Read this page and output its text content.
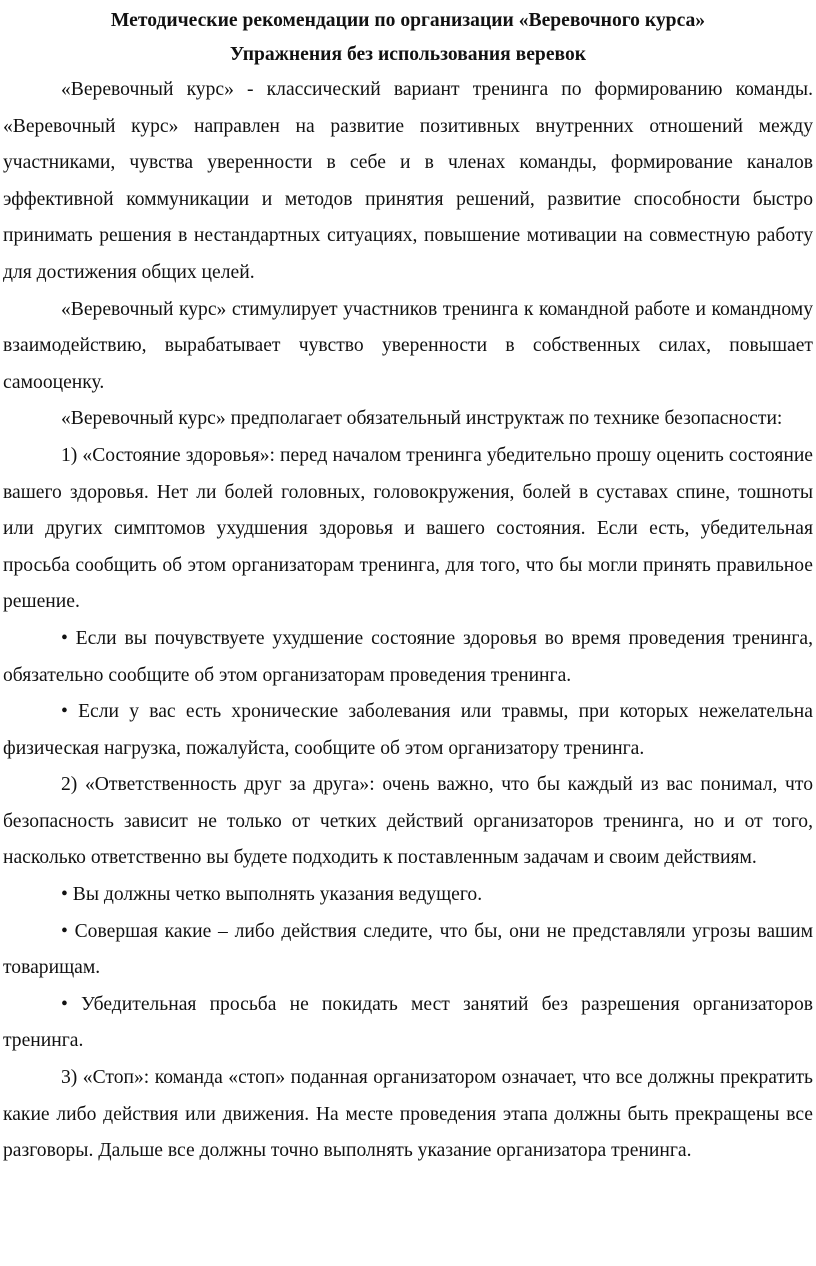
Методические рекомендации по организации «Веревочного курса»

Упражнения без использования веревок

«Веревочный курс» - классический вариант тренинга по формированию команды. «Веревочный курс» направлен на развитие позитивных внутренних отношений между участниками, чувства уверенности в себе и в членах команды, формирование каналов эффективной коммуникации и методов принятия решений, развитие способности быстро принимать решения в нестандартных ситуациях, повышение мотивации на совместную работу для достижения общих целей.

«Веревочный курс» стимулирует участников тренинга к командной работе и командному взаимодействию, вырабатывает чувство уверенности в собственных силах, повышает самооценку.

«Веревочный курс» предполагает обязательный инструктаж по технике безопасности:

1) «Состояние здоровья»: перед началом тренинга убедительно прошу оценить состояние вашего здоровья. Нет ли болей головных, головокружения, болей в суставах спине, тошноты или других симптомов ухудшения здоровья и вашего состояния. Если есть, убедительная просьба сообщить об этом организаторам тренинга, для того, что бы могли принять правильное решение.

• Если вы почувствуете ухудшение состояние здоровья во время проведения тренинга, обязательно сообщите об этом организаторам проведения тренинга.

• Если у вас есть хронические заболевания или травмы, при которых нежелательна физическая нагрузка, пожалуйста, сообщите об этом организатору тренинга.

2) «Ответственность друг за друга»: очень важно, что бы каждый из вас понимал, что безопасность зависит не только от четких действий организаторов тренинга, но и от того, насколько ответственно вы будете подходить к поставленным задачам и своим действиям.

• Вы должны четко выполнять указания ведущего.

• Совершая какие – либо действия следите, что бы, они не представляли угрозы вашим товарищам.

• Убедительная просьба не покидать мест занятий без разрешения организаторов тренинга.

3) «Стоп»: команда «стоп» поданная организатором означает, что все должны прекратить какие либо действия или движения. На месте проведения этапа должны быть прекращены все разговоры. Дальше все должны точно выполнять указание организатора тренинга.
